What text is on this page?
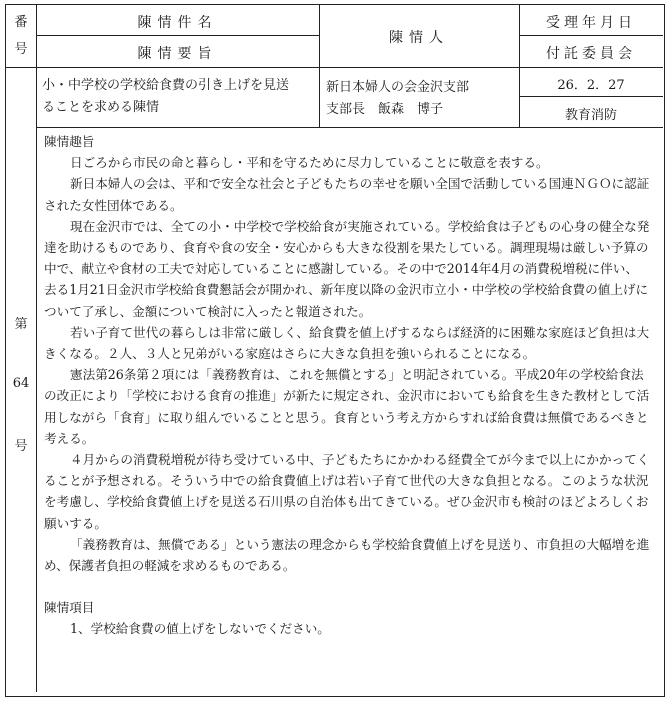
番
号
陳情件名
陳情要旨
陳情人
受理年月日
付託委員会
小・中学校の学校給食費の引き上げを見送
ることを求める陳情
新日本婦人の会金沢支部
支部長　飯森　博子
26．2．27
教育消防
第
64
号

陳情趣旨

日ごろから市民の命と暮らし・平和を守るために尽力していることに敬意を表する。

新日本婦人の会は、平和で安全な社会と子どもたちの幸せを願い全国で活動している国連ＮＧＯに認証された女性団体である。

現在金沢市では、全ての小・中学校で学校給食が実施されている。学校給食は子どもの心身の健全な発達を助けるものであり、食育や食の安全・安心からも大きな役割を果たしている。調理現場は厳しい予算の中で、献立や食材の工夫で対応していることに感謝している。その中で2014年4月の消費税増税に伴い、去る1月21日金沢市学校給食費懇話会が開かれ、新年度以降の金沢市立小・中学校の学校給食費の値上げについて了承し、金額について検討に入ったと報道された。

若い子育て世代の暮らしは非常に厳しく、給食費を値上げするならば経済的に困難な家庭ほど負担は大きくなる。２人、３人と兄弟がいる家庭はさらに大きな負担を強いられることになる。

憲法第26条第２項には「義務教育は、これを無償とする」と明記されている。平成20年の学校給食法の改正により「学校における食育の推進」が新たに規定され、金沢市においても給食を生きた教材として活用しながら「食育」に取り組んでいることと思う。食育という考え方からすれば給食費は無償であるべきと考える。

４月からの消費税増税が待ち受けている中、子どもたちにかかわる経費全てが今まで以上にかかってくることが予想される。そういう中での給食費値上げは若い子育て世代の大きな負担となる。このような状況を考慮し、学校給食費値上げを見送る石川県の自治体も出てきている。ぜひ金沢市も検討のほどよろしくお願いする。

「義務教育は、無償である」という憲法の理念からも学校給食費値上げを見送り、市負担の大幅増を進め、保護者負担の軽減を求めるものである。

陳情項目

1、学校給食費の値上げをしないでください。
